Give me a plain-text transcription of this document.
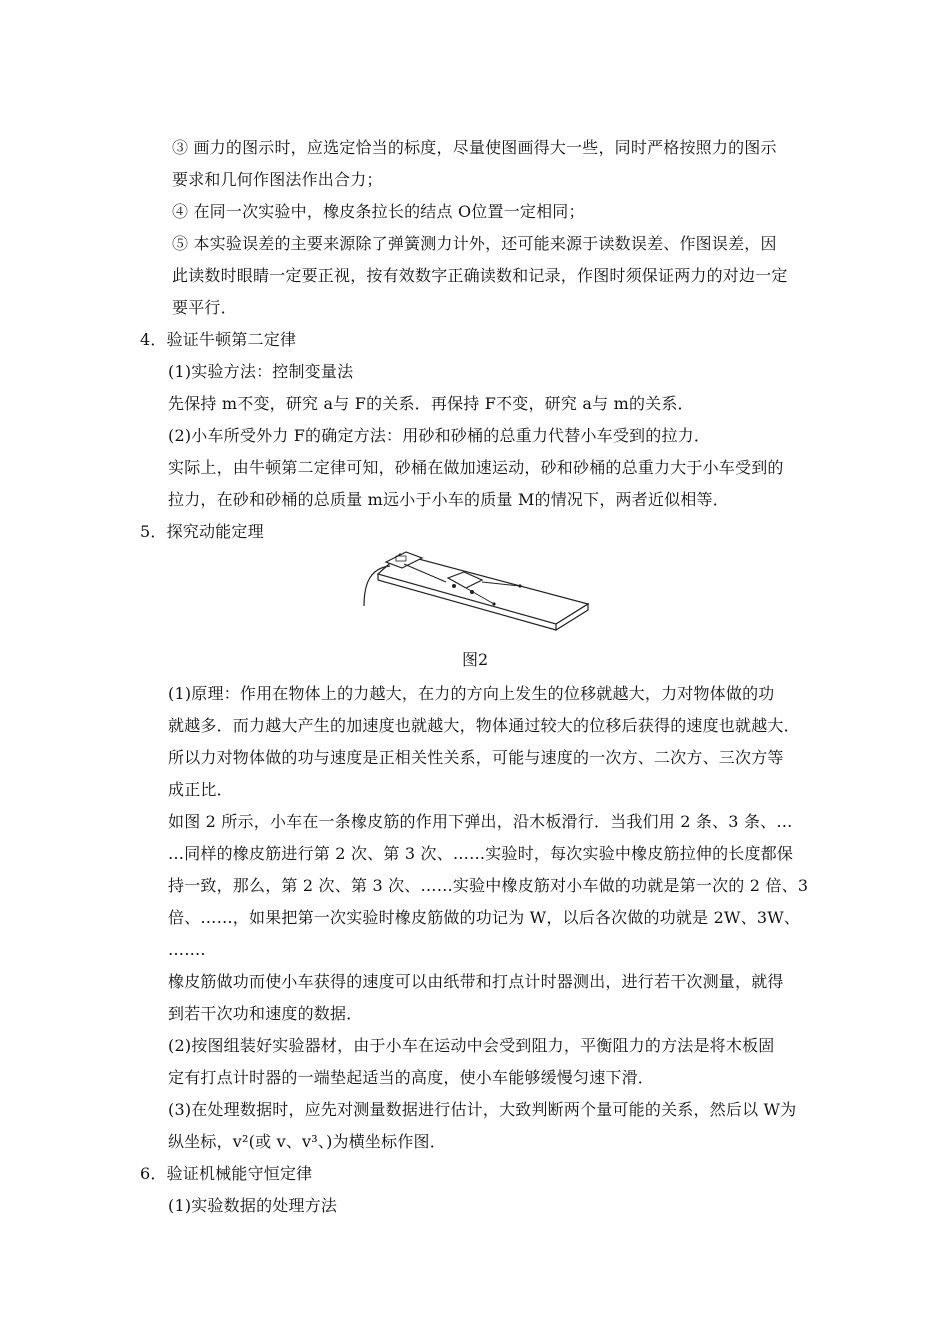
③ 画力的图示时，应选定恰当的标度，尽量使图画得大一些，同时严格按照力的图示
要求和几何作图法作出合力；
④ 在同一次实验中，橡皮条拉长的结点 O位置一定相同；
⑤ 本实验误差的主要来源除了弹簧测力计外，还可能来源于读数误差、作图误差，因
此读数时眼睛一定要正视，按有效数字正确读数和记录，作图时须保证两力的对边一定
要平行．
4．验证牛顿第二定律
(1)实验方法：控制变量法
先保持 m不变，研究 a与 F的关系．再保持 F不变，研究 a与 m的关系．
(2)小车所受外力 F的确定方法：用砂和砂桶的总重力代替小车受到的拉力．
实际上，由牛顿第二定律可知，砂桶在做加速运动，砂和砂桶的总重力大于小车受到的
拉力，在砂和砂桶的总质量 m远小于小车的质量 M的情况下，两者近似相等．
5．探究动能定理
图2
(1)原理：作用在物体上的力越大，在力的方向上发生的位移就越大，力对物体做的功
就越多．而力越大产生的加速度也就越大，物体通过较大的位移后获得的速度也就越大．
所以力对物体做的功与速度是正相关性关系，可能与速度的一次方、二次方、三次方等
成正比．
如图 2 所示，小车在一条橡皮筋的作用下弹出，沿木板滑行．当我们用 2 条、3 条、…
…同样的橡皮筋进行第 2 次、第 3 次、……实验时，每次实验中橡皮筋拉伸的长度都保
持一致，那么，第 2 次、第 3 次、……实验中橡皮筋对小车做的功就是第一次的 2 倍、3
倍、……，如果把第一次实验时橡皮筋做的功记为 W，以后各次做的功就是 2W、3W、
…….
橡皮筋做功而使小车获得的速度可以由纸带和打点计时器测出，进行若干次测量，就得
到若干次功和速度的数据．
(2)按图组装好实验器材，由于小车在运动中会受到阻力，平衡阻力的方法是将木板固
定有打点计时器的一端垫起适当的高度，使小车能够缓慢匀速下滑．
(3)在处理数据时，应先对测量数据进行估计，大致判断两个量可能的关系，然后以 W为
纵坐标，v²(或 v、v³、)为横坐标作图．
6．验证机械能守恒定律
(1)实验数据的处理方法
